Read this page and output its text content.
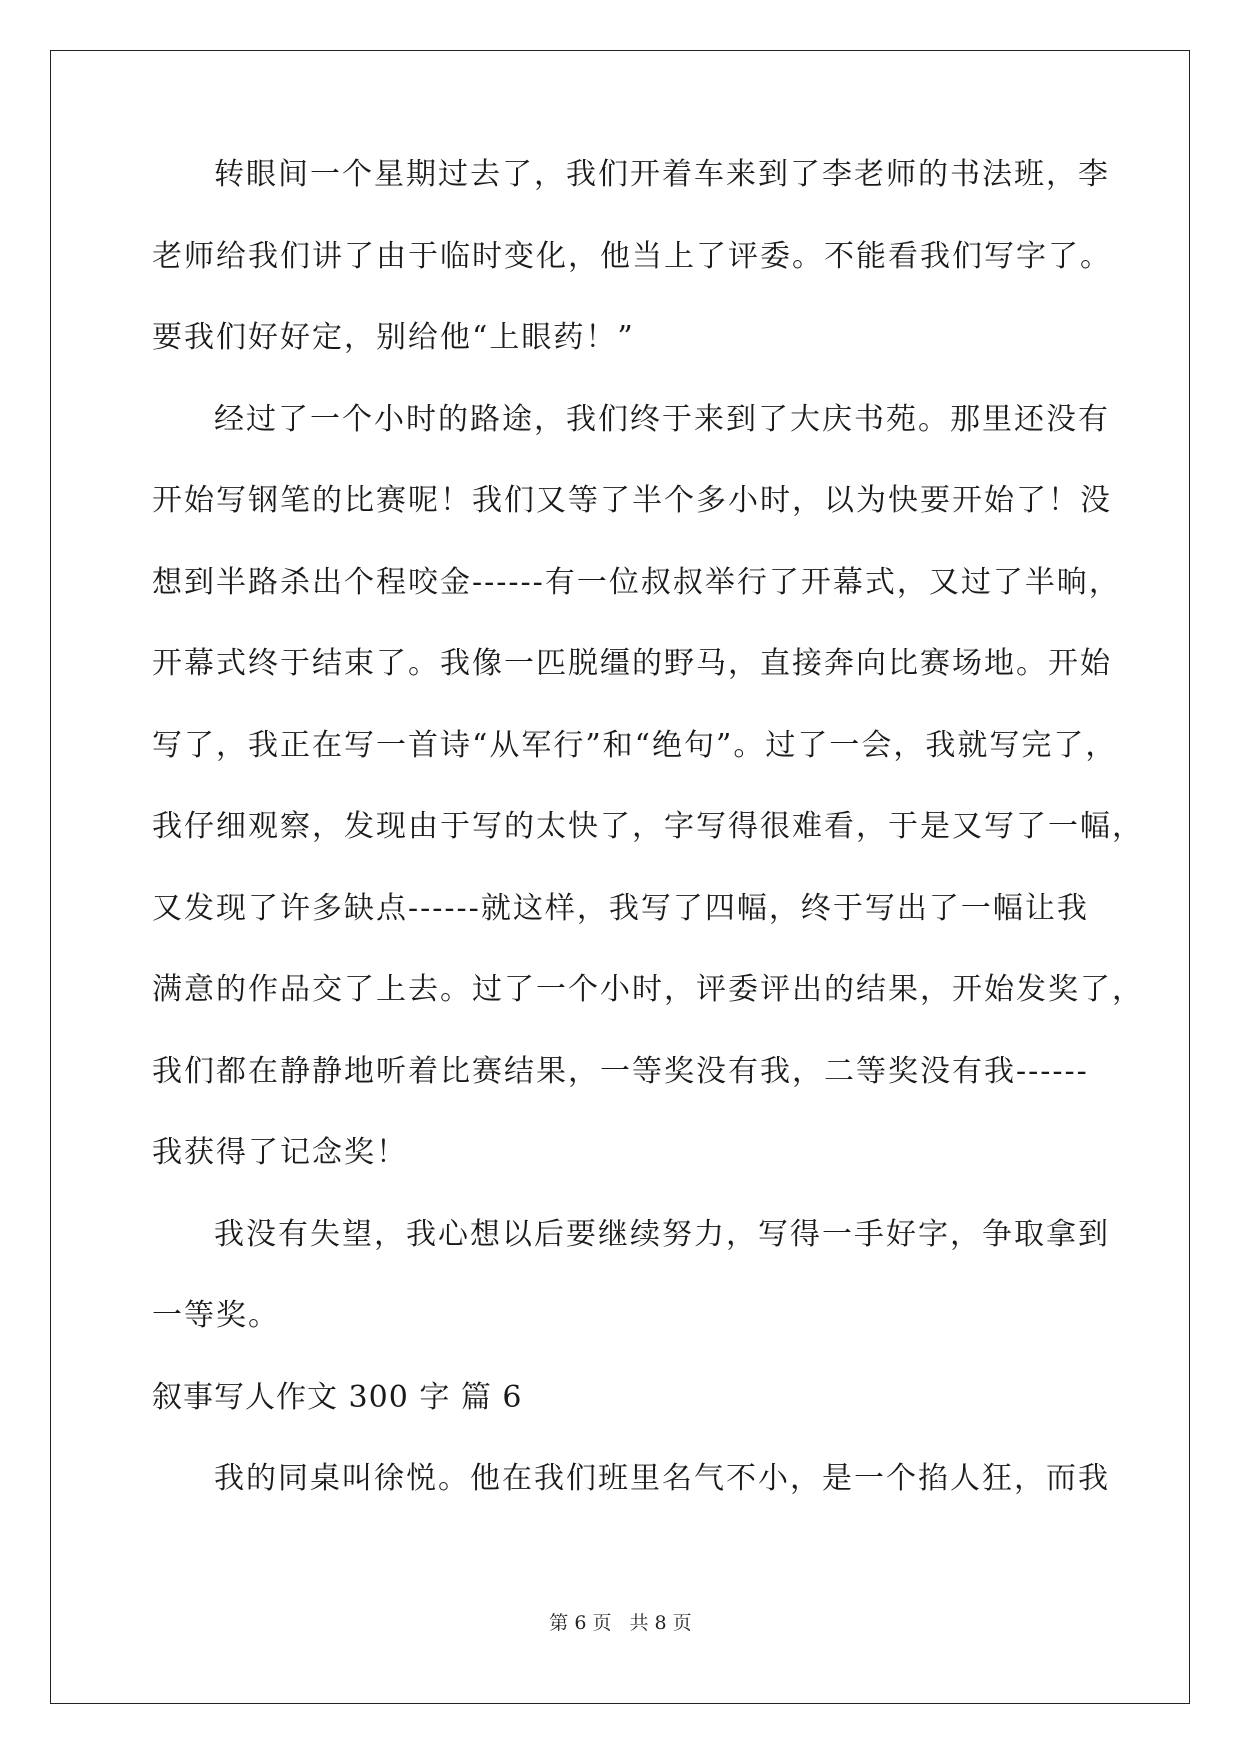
转眼间一个星期过去了，我们开着车来到了李老师的书法班，李
老师给我们讲了由于临时变化，他当上了评委。不能看我们写字了。
要我们好好定，别给他“上眼药！”
经过了一个小时的路途，我们终于来到了大庆书苑。那里还没有
开始写钢笔的比赛呢！我们又等了半个多小时，以为快要开始了！没
想到半路杀出个程咬金------有一位叔叔举行了开幕式，又过了半晌，
开幕式终于结束了。我像一匹脱缰的野马，直接奔向比赛场地。开始
写了，我正在写一首诗“从军行”和“绝句”。过了一会，我就写完了，
我仔细观察，发现由于写的太快了，字写得很难看，于是又写了一幅，
又发现了许多缺点------就这样，我写了四幅，终于写出了一幅让我
满意的作品交了上去。过了一个小时，评委评出的结果，开始发奖了，
我们都在静静地听着比赛结果，一等奖没有我，二等奖没有我------
我获得了记念奖！
我没有失望，我心想以后要继续努力，写得一手好字，争取拿到
一等奖。
叙事写人作文 300 字 篇 6
我的同桌叫徐悦。他在我们班里名气不小，是一个掐人狂，而我
第 6 页 共 8 页
